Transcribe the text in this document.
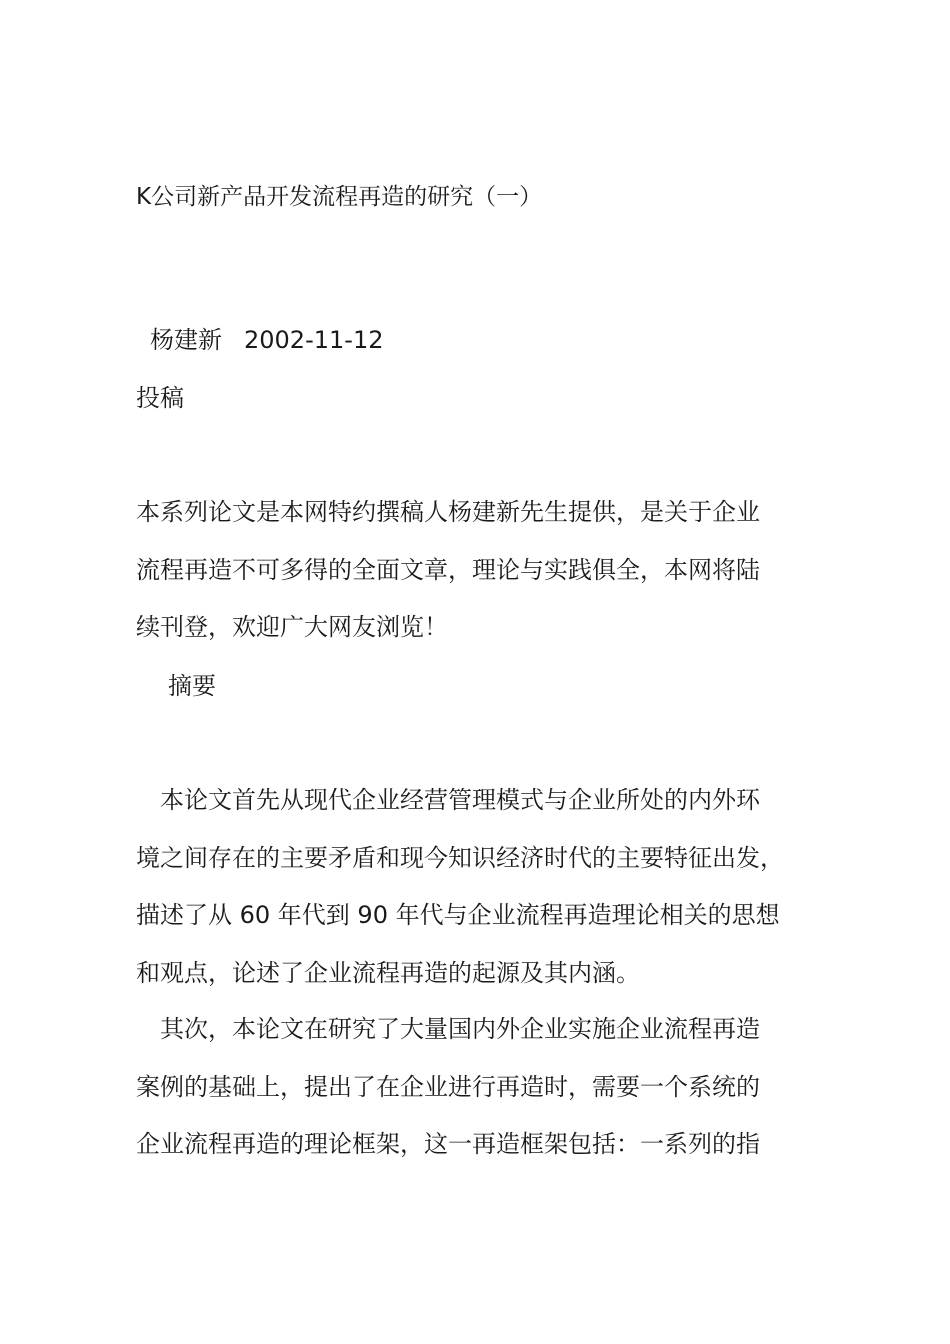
K公司新产品开发流程再造的研究（一）
杨建新 2002-11-12
投稿
本系列论文是本网特约撰稿人杨建新先生提供，是关于企业
流程再造不可多得的全面文章，理论与实践俱全，本网将陆
续刊登，欢迎广大网友浏览！
摘要
　本论文首先从现代企业经营管理模式与企业所处的内外环
境之间存在的主要矛盾和现今知识经济时代的主要特征出发，
描述了从 60 年代到 90 年代与企业流程再造理论相关的思想
和观点，论述了企业流程再造的起源及其内涵。
　其次，本论文在研究了大量国内外企业实施企业流程再造
案例的基础上，提出了在企业进行再造时，需要一个系统的
企业流程再造的理论框架，这一再造框架包括：一系列的指
